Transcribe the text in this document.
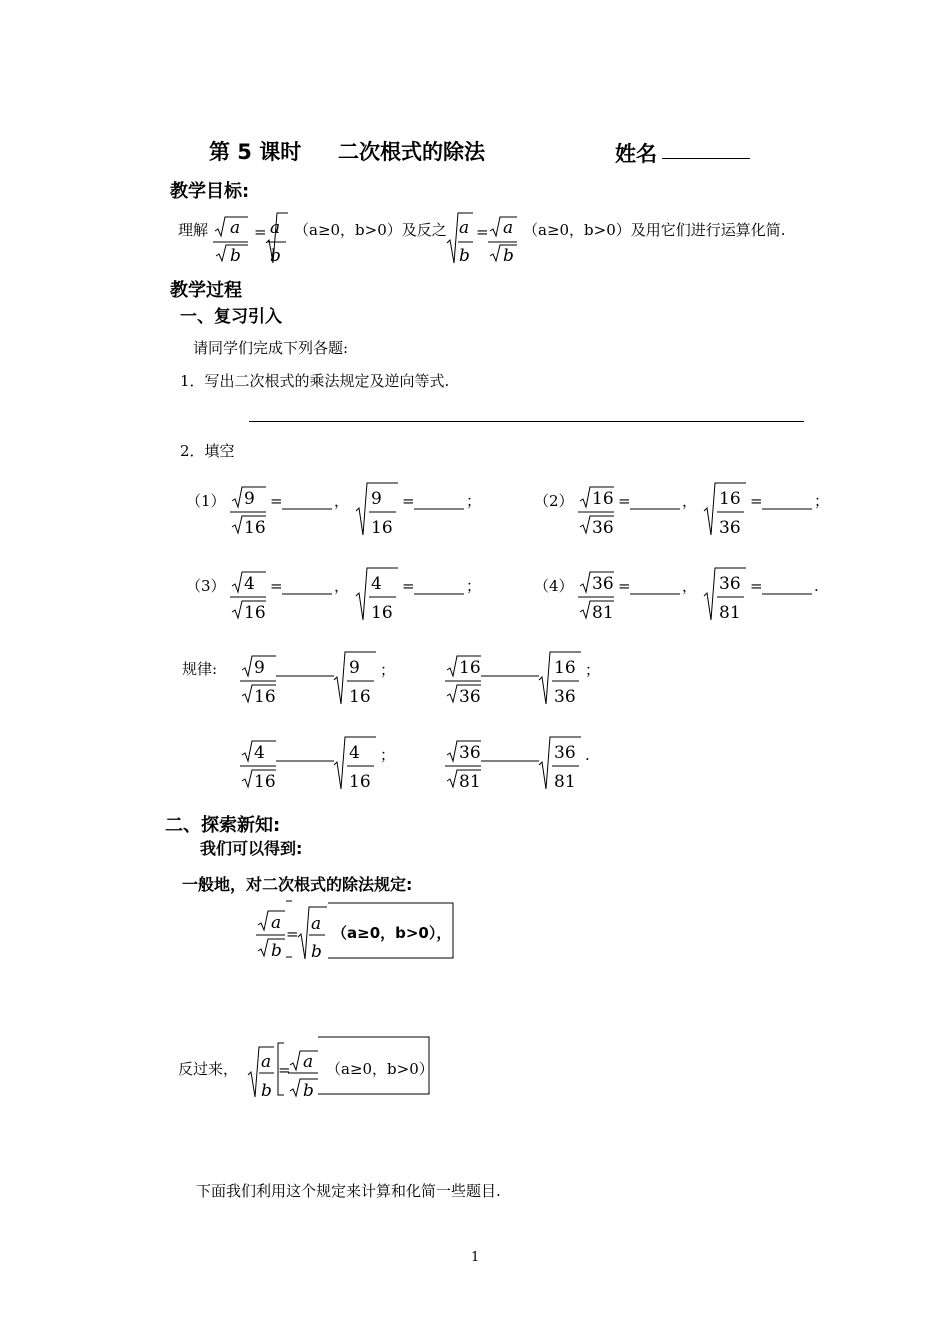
第 5 课时 二次根式的除法	姓名
教学目标:
理解 a
b
= a
b
（a≥0，b>0）及反之 a
b
= a
b
（a≥0，b>0）及用它们进行运算化简.
教学过程
一、复习引入
请同学们完成下列各题:
1．写出二次根式的乘法规定及逆向等式.
2．填空
（1） 9
16
=	， 9
16
=	；	（2） 16
36
=	， 16
36
=	；
（3） 4
16
=	， 4
16
=	；	（4） 36
81
=	， 36
81
=	.
规律: 9
16
9
16
；	16
36
16
36
；
4
16
4
16
；	36
81
36
81
.
二、探索新知:
我们可以得到:
一般地，对二次根式的除法规定:
a
b
= a
b
（a≥0，b>0），
反过来， a
b
= a
b
（a≥0，b>0）
下面我们利用这个规定来计算和化简一些题目.
1
